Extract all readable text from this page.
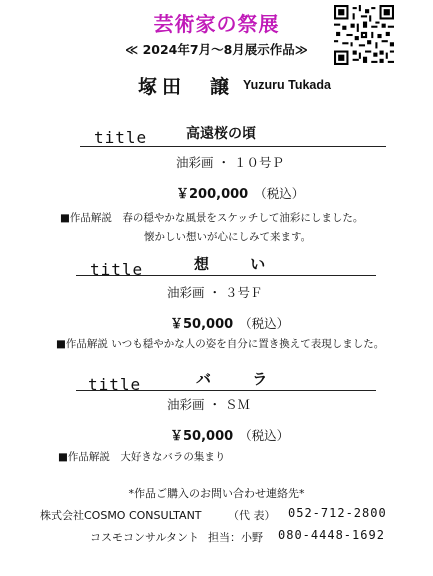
芸術家の祭展
≪ 2024年7月～8月展示作品≫
塚田　譲 Yuzuru Tukada
title	高遠桜の頃
油彩画 ・ １０号Ｐ
￥200,000 （税込）
■作品解説　春の穏やかな風景をスケッチして油彩にしました。
懐かしい想いが心にしみて来ます。
title	想 い
油彩画 ・ ３号Ｆ
￥50,000 （税込）
■作品解説 いつも穏やかな人の姿を自分に置き換えて表現しました。
title	バ ラ
油彩画 ・ ＳＭ
￥50,000 （税込）
■作品解説　大好きなバラの集まり
*作品ご購入のお問い合わせ連絡先*
株式会社COSMO CONSULTANT （代 表） 052-712-2800
コスモコンサルタント 担当：小野 080-4448-1692
